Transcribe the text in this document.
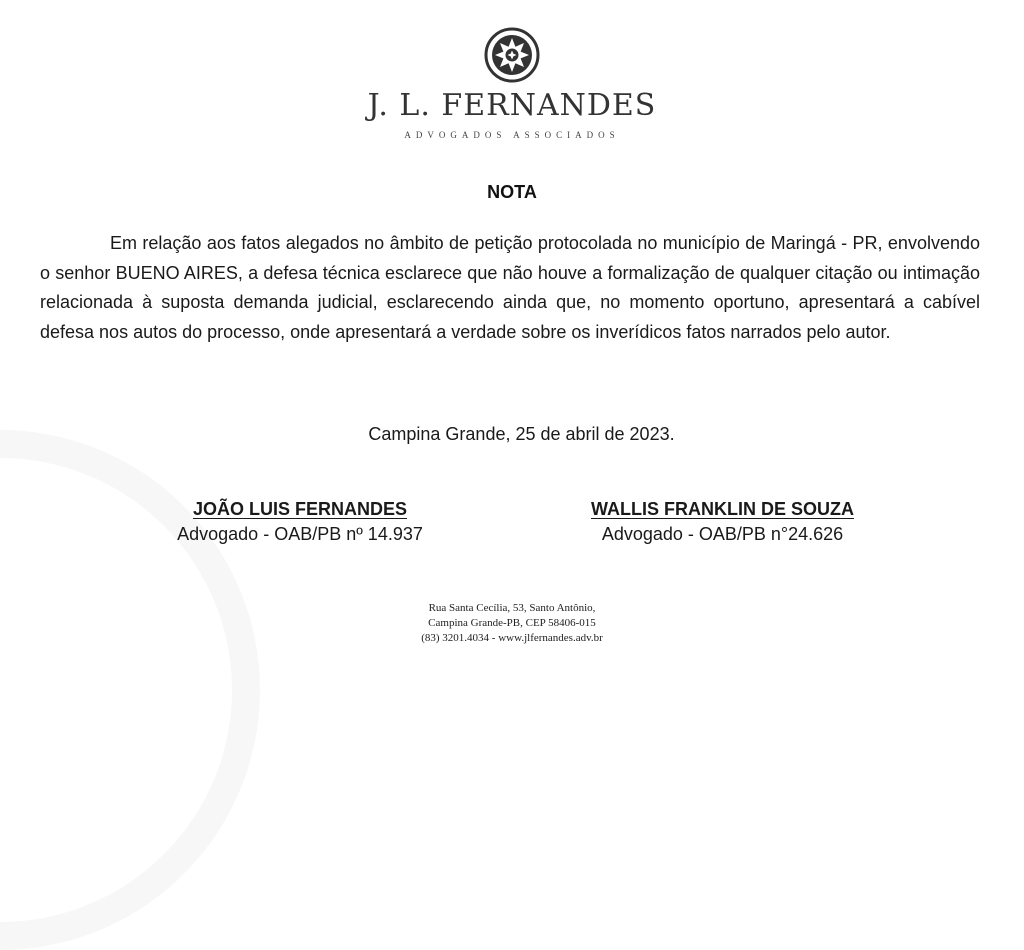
J. L. FERNANDES
ADVOGADOS ASSOCIADOS
NOTA

Em relação aos fatos alegados no âmbito de petição protocolada no município de Maringá - PR, envolvendo o senhor BUENO AIRES, a defesa técnica esclarece que não houve a formalização de qualquer citação ou intimação relacionada à suposta demanda judicial, esclarecendo ainda que, no momento oportuno, apresentará a cabível defesa nos autos do processo, onde apresentará a verdade sobre os inverídicos fatos narrados pelo autor.

Campina Grande, 25 de abril de 2023.
JOÃO LUIS FERNANDES
Advogado - OAB/PB nº 14.937
WALLIS FRANKLIN DE SOUZA
Advogado - OAB/PB n°24.626
Rua Santa Cecília, 53, Santo Antônio,
Campina Grande-PB, CEP 58406-015
(83) 3201.4034 - www.jlfernandes.adv.br
